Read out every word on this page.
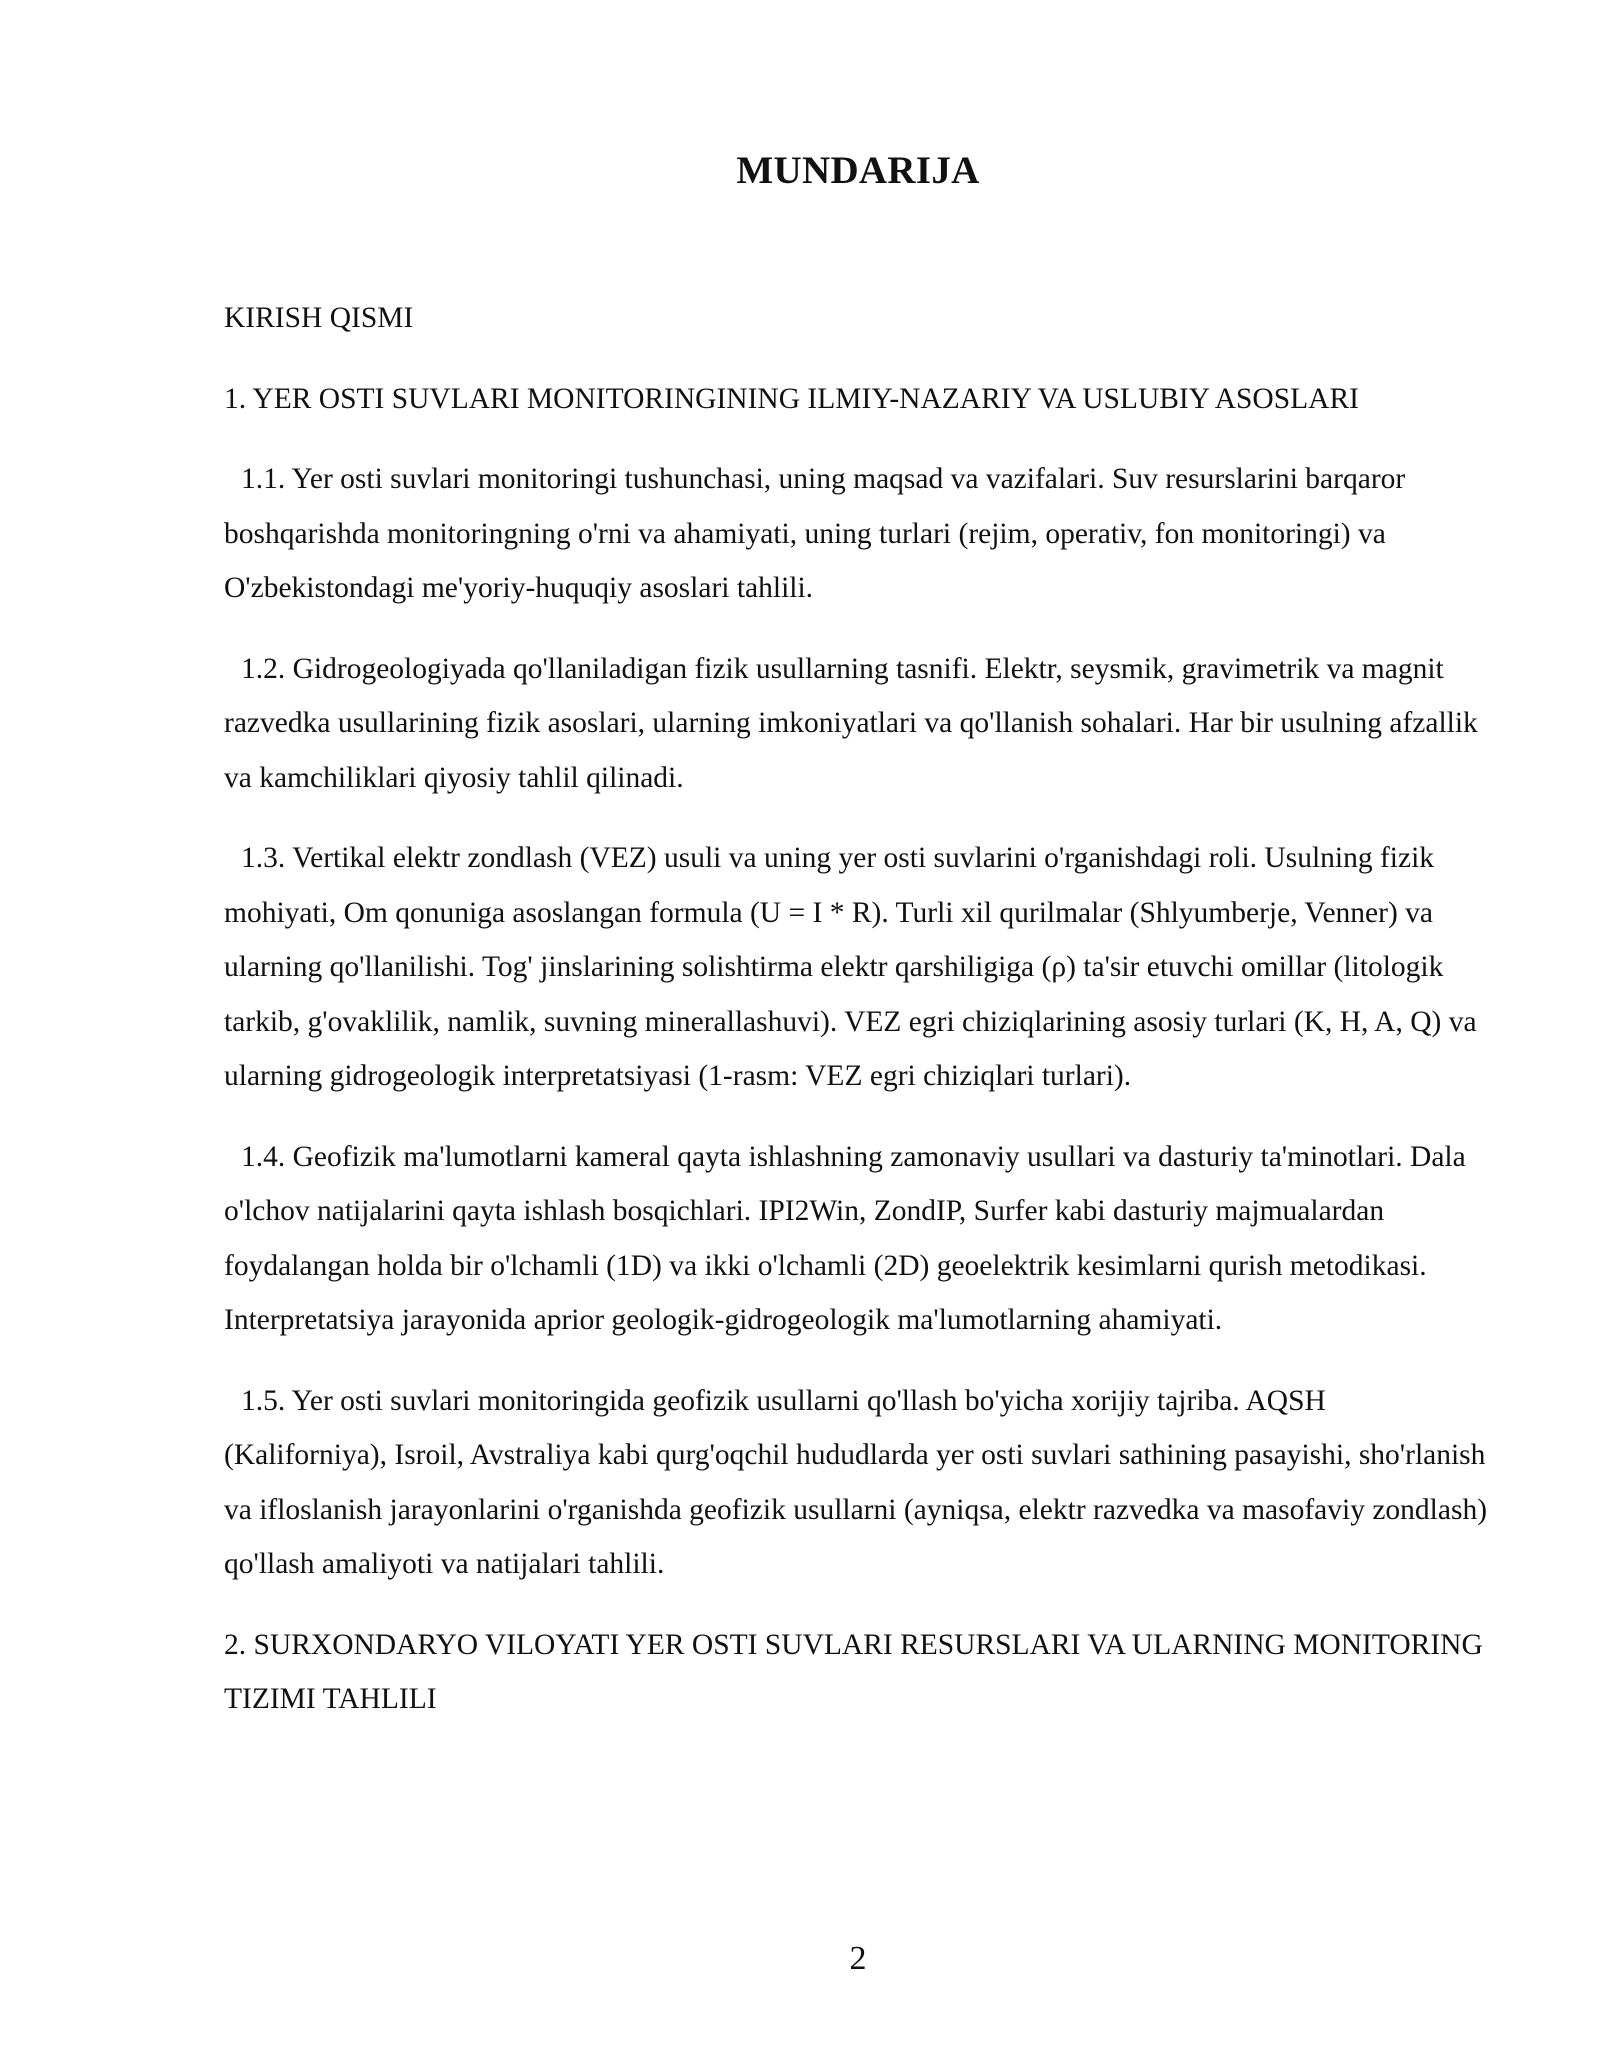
MUNDARIJA

KIRISH QISMI

1. YER OSTI SUVLARI MONITORINGINING ILMIY-NAZARIY VA USLUBIY ASOSLARI

1.1. Yer osti suvlari monitoringi tushunchasi, uning maqsad va vazifalari. Suv resurslarini barqaror boshqarishda monitoringning o'rni va ahamiyati, uning turlari (rejim, operativ, fon monitoringi) va O'zbekistondagi me'yoriy-huquqiy asoslari tahlili.

1.2. Gidrogeologiyada qo'llaniladigan fizik usullarning tasnifi. Elektr, seysmik, gravimetrik va magnit razvedka usullarining fizik asoslari, ularning imkoniyatlari va qo'llanish sohalari. Har bir usulning afzallik va kamchiliklari qiyosiy tahlil qilinadi.

1.3. Vertikal elektr zondlash (VEZ) usuli va uning yer osti suvlarini o'rganishdagi roli. Usulning fizik mohiyati, Om qonuniga asoslangan formula (U = I * R). Turli xil qurilmalar (Shlyumberje, Venner) va ularning qo'llanilishi. Tog' jinslarining solishtirma elektr qarshiligiga (ρ) ta'sir etuvchi omillar (litologik tarkib, g'ovaklilik, namlik, suvning minerallashuvi). VEZ egri chiziqlarining asosiy turlari (K, H, A, Q) va ularning gidrogeologik interpretatsiyasi (1-rasm: VEZ egri chiziqlari turlari).

1.4. Geofizik ma'lumotlarni kameral qayta ishlashning zamonaviy usullari va dasturiy ta'minotlari. Dala o'lchov natijalarini qayta ishlash bosqichlari. IPI2Win, ZondIP, Surfer kabi dasturiy majmualardan foydalangan holda bir o'lchamli (1D) va ikki o'lchamli (2D) geoelektrik kesimlarni qurish metodikasi. Interpretatsiya jarayonida aprior geologik-gidrogeologik ma'lumotlarning ahamiyati.

1.5. Yer osti suvlari monitoringida geofizik usullarni qo'llash bo'yicha xorijiy tajriba. AQSH (Kaliforniya), Isroil, Avstraliya kabi qurg'oqchil hududlarda yer osti suvlari sathining pasayishi, sho'rlanish va ifloslanish jarayonlarini o'rganishda geofizik usullarni (ayniqsa, elektr razvedka va masofaviy zondlash) qo'llash amaliyoti va natijalari tahlili.

2. SURXONDARYO VILOYATI YER OSTI SUVLARI RESURSLARI VA ULARNING MONITORING TIZIMI TAHLILI

2
